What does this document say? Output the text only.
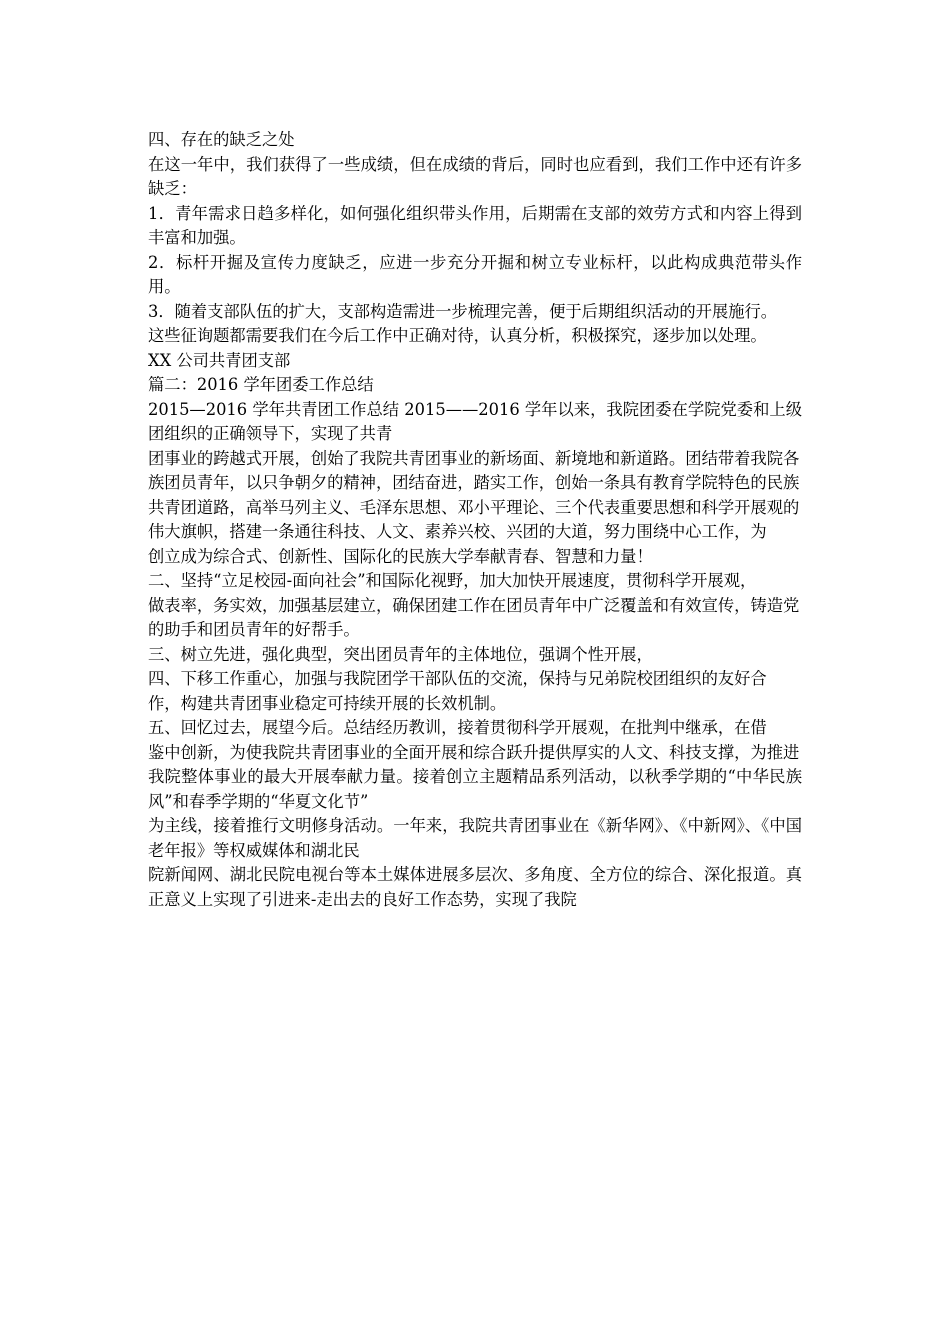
四、存在的缺乏之处

在这一年中，我们获得了一些成绩，但在成绩的背后，同时也应看到，我们工作中还有许多缺乏：

1．青年需求日趋多样化，如何强化组织带头作用，后期需在支部的效劳方式和内容上得到丰富和加强。

2．标杆开掘及宣传力度缺乏，应进一步充分开掘和树立专业标杆，以此构成典范带头作用。

3．随着支部队伍的扩大，支部构造需进一步梳理完善，便于后期组织活动的开展施行。

这些征询题都需要我们在今后工作中正确对待，认真分析，积极探究，逐步加以处理。

XX 公司共青团支部

篇二：2016 学年团委工作总结

2015—2016 学年共青团工作总结 2015——2016 学年以来，我院团委在学院党委和上级团组织的正确领导下，实现了共青

团事业的跨越式开展，创始了我院共青团事业的新场面、新境地和新道路。团结带着我院各

族团员青年，以只争朝夕的精神，团结奋进，踏实工作，创始一条具有教育学院特色的民族

共青团道路，高举马列主义、毛泽东思想、邓小平理论、三个代表重要思想和科学开展观的

伟大旗帜，搭建一条通往科技、人文、素养兴校、兴团的大道，努力围绕中心工作，为

创立成为综合式、创新性、国际化的民族大学奉献青春、智慧和力量！

二、坚持“立足校园-面向社会”和国际化视野，加大加快开展速度，贯彻科学开展观，

做表率，务实效，加强基层建立，确保团建工作在团员青年中广泛覆盖和有效宣传，铸造党

的助手和团员青年的好帮手。

三、树立先进，强化典型，突出团员青年的主体地位，强调个性开展，

四、下移工作重心，加强与我院团学干部队伍的交流，保持与兄弟院校团组织的友好合

作，构建共青团事业稳定可持续开展的长效机制。

五、回忆过去，展望今后。总结经历教训，接着贯彻科学开展观，在批判中继承，在借

鉴中创新，为使我院共青团事业的全面开展和综合跃升提供厚实的人文、科技支撑，为推进

我院整体事业的最大开展奉献力量。接着创立主题精品系列活动，以秋季学期的“中华民族风”和春季学期的“华夏文化节”

为主线，接着推行文明修身活动。一年来，我院共青团事业在《新华网》、《中新网》、《中国老年报》等权威媒体和湖北民

院新闻网、湖北民院电视台等本土媒体进展多层次、多角度、全方位的综合、深化报道。真正意义上实现了引进来-走出去的良好工作态势，实现了我院
